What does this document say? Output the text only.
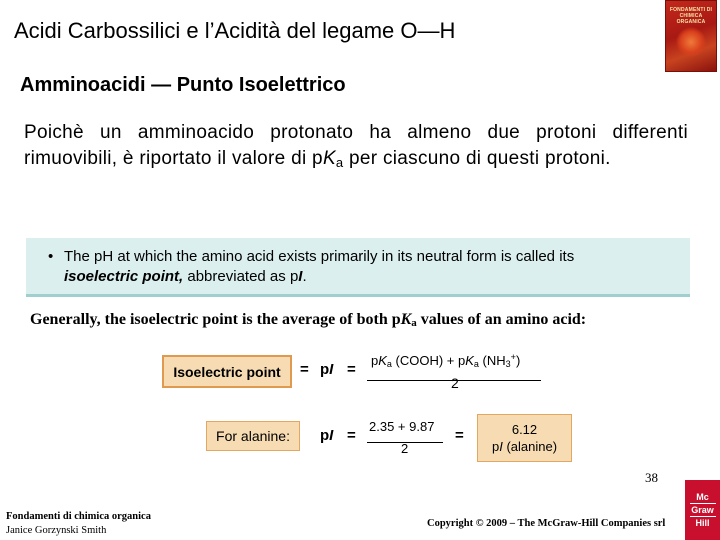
Acidi Carbossilici e l’Acidità del legame O—H
FONDAMENTI DI CHIMICA ORGANICA
Amminoacidi — Punto Isoelettrico
Poichè un amminoacido protonato ha almeno due protoni differenti rimuovibili, è riportato il valore di $pK_a$ per ciascuno di questi protoni.
• The pH at which the amino acid exists primarily in its neutral form is called its
isoelectric point, abbreviated as pI.
Generally, the isoelectric point is the average of both pKa values of an amino acid:
Isoelectric point = pI =
pKa (COOH) + pKa (NH3+)
2
For alanine: pI =
2.35 + 9.87
2
=	6.12
pI (alanine)
Fondamenti di chimica organica
Janice Gorzynski Smith
38
Copyright © 2009 – The McGraw-Hill Companies srl
Mc
Graw
Hill
